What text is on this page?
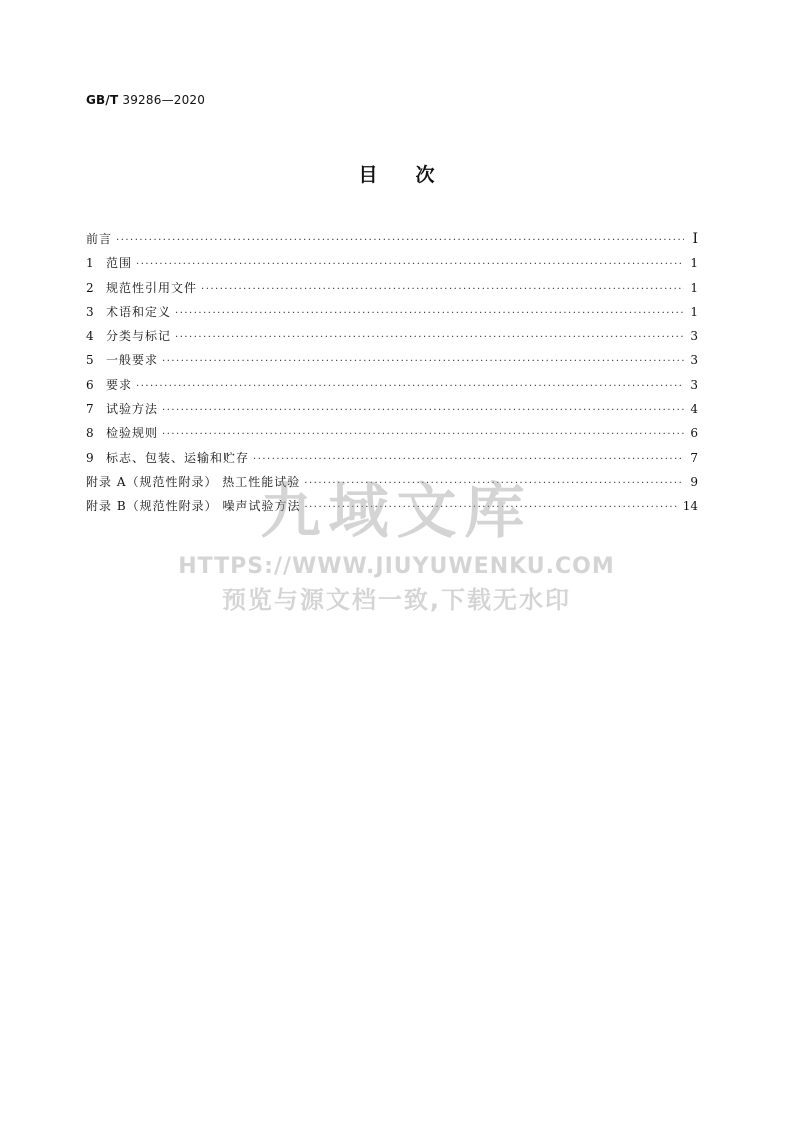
GB/T 39286—2020
目 次
前言 ·····	I
1	范围 ·····	1
2	规范性引用文件 ·····	1
3	术语和定义 ·····	1
4	分类与标记 ·····	3
5	一般要求 ·····	3
6	要求 ·····	3
7	试验方法 ·····	4
8	检验规则 ·····	6
9	标志、包装、运输和贮存 ·····	7
附录 A（规范性附录） 热工性能试验 ·····	9
附录 B（规范性附录） 噪声试验方法 ·····	14
九域文库
HTTPS://WWW.JIUYUWENKU.COM
预览与源文档一致,下载无水印
